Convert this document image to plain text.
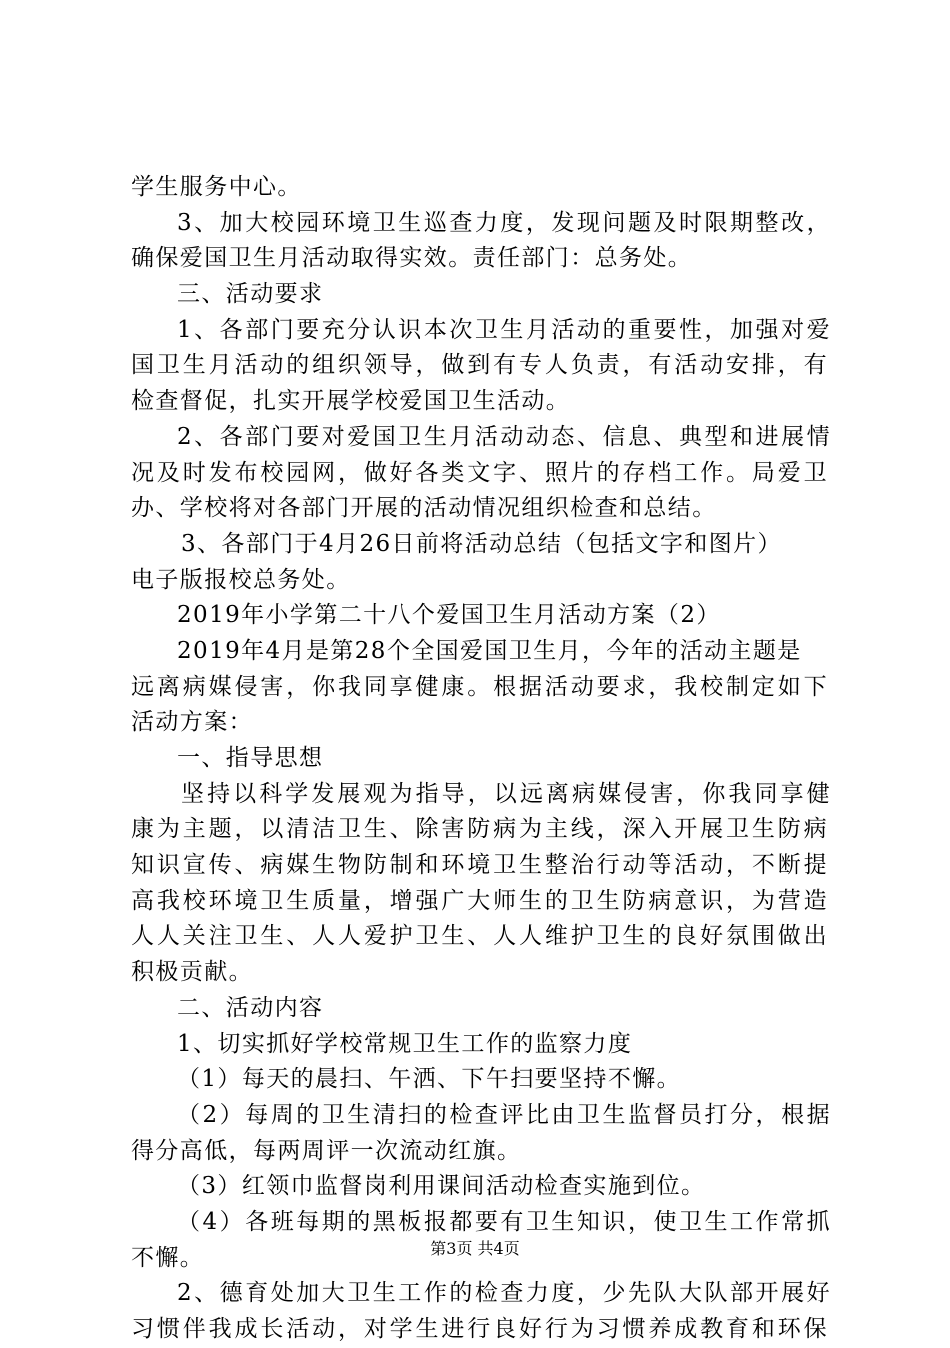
学生服务中心。
3、加大校园环境卫生巡查力度，发现问题及时限期整改，
确保爱国卫生月活动取得实效。责任部门：总务处。
三、活动要求
1、各部门要充分认识本次卫生月活动的重要性，加强对爱
国卫生月活动的组织领导，做到有专人负责，有活动安排，有
检查督促，扎实开展学校爱国卫生活动。
2、各部门要对爱国卫生月活动动态、信息、典型和进展情
况及时发布校园网，做好各类文字、照片的存档工作。局爱卫
办、学校将对各部门开展的活动情况组织检查和总结。
3、各部门于4月26日前将活动总结（包括文字和图片）
电子版报校总务处。
2019年小学第二十八个爱国卫生月活动方案（2）
2019年4月是第28个全国爱国卫生月，今年的活动主题是
远离病媒侵害，你我同享健康。根据活动要求，我校制定如下
活动方案：
一、指导思想
坚持以科学发展观为指导，以远离病媒侵害，你我同享健
康为主题，以清洁卫生、除害防病为主线，深入开展卫生防病
知识宣传、病媒生物防制和环境卫生整治行动等活动，不断提
高我校环境卫生质量，增强广大师生的卫生防病意识，为营造
人人关注卫生、人人爱护卫生、人人维护卫生的良好氛围做出
积极贡献。
二、活动内容
1、切实抓好学校常规卫生工作的监察力度
（1）每天的晨扫、午洒、下午扫要坚持不懈。
（2）每周的卫生清扫的检查评比由卫生监督员打分，根据
得分高低，每两周评一次流动红旗。
（3）红领巾监督岗利用课间活动检查实施到位。
（4）各班每期的黑板报都要有卫生知识，使卫生工作常抓
不懈。
2、德育处加大卫生工作的检查力度，少先队大队部开展好
习惯伴我成长活动，对学生进行良好行为习惯养成教育和环保
第3页 共4页
